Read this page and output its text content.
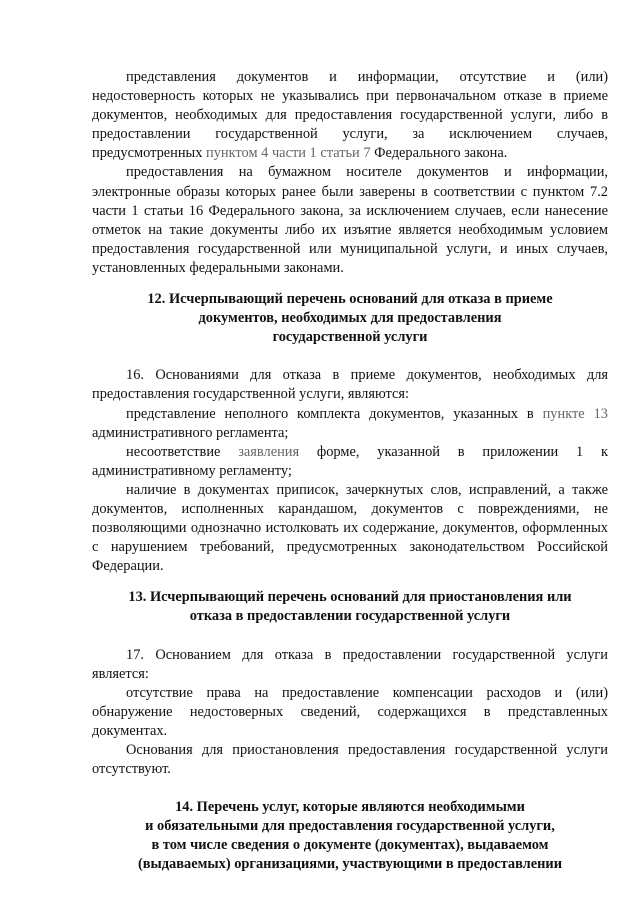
представления документов и информации, отсутствие и (или) недостоверность которых не указывались при первоначальном отказе в приеме документов, необходимых для предоставления государственной услуги, либо в предоставлении государственной услуги, за исключением случаев, предусмотренных пунктом 4 части 1 статьи 7 Федерального закона.

предоставления на бумажном носителе документов и информации, электронные образы которых ранее были заверены в соответствии с пунктом 7.2 части 1 статьи 16 Федерального закона, за исключением случаев, если нанесение отметок на такие документы либо их изъятие является необходимым условием предоставления государственной или муниципальной услуги, и иных случаев, установленных федеральными законами.

12. Исчерпывающий перечень оснований для отказа в приеме
документов, необходимых для предоставления
государственной услуги

16. Основаниями для отказа в приеме документов, необходимых для предоставления государственной услуги, являются:

представление неполного комплекта документов, указанных в пункте 13 административного регламента;

несоответствие заявления форме, указанной в приложении 1 к административному регламенту;

наличие в документах приписок, зачеркнутых слов, исправлений, а также документов, исполненных карандашом, документов с повреждениями, не позволяющими однозначно истолковать их содержание, документов, оформленных с нарушением требований, предусмотренных законодательством Российской Федерации.

13. Исчерпывающий перечень оснований для приостановления или
отказа в предоставлении государственной услуги

17. Основанием для отказа в предоставлении государственной услуги является:

отсутствие права на предоставление компенсации расходов и (или) обнаружение недостоверных сведений, содержащихся в представленных документах.

Основания для приостановления предоставления государственной услуги отсутствуют.

14. Перечень услуг, которые являются необходимыми
и обязательными для предоставления государственной услуги,
в том числе сведения о документе (документах), выдаваемом
(выдаваемых) организациями, участвующими в предоставлении
